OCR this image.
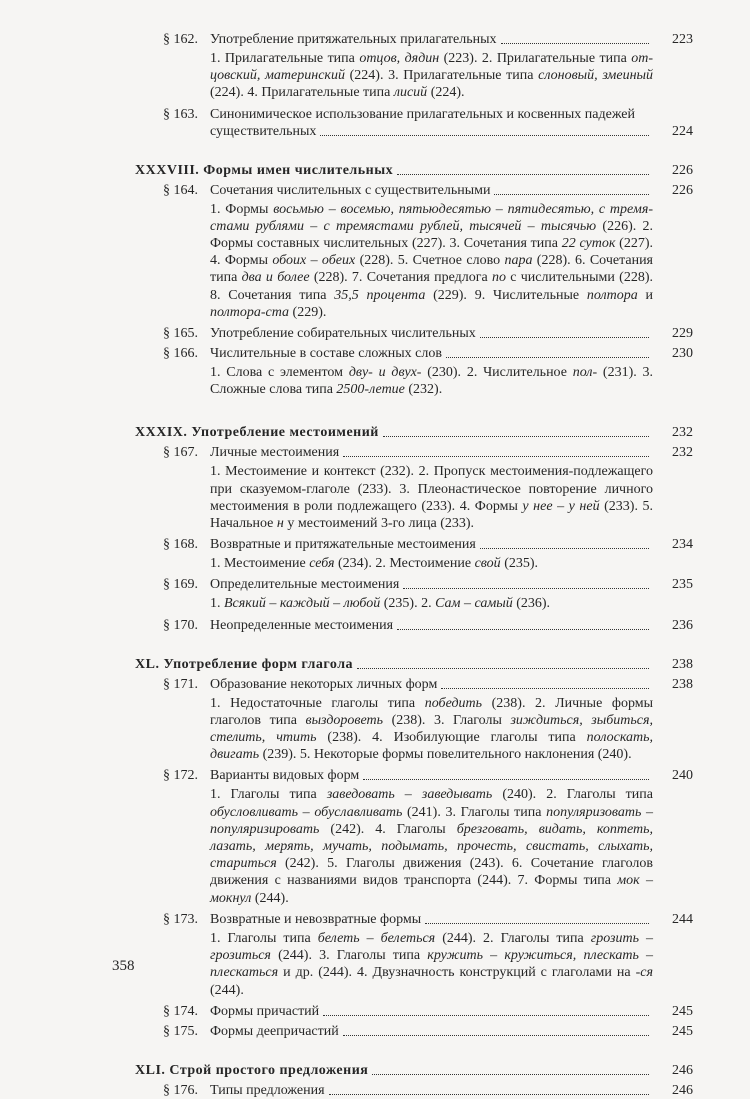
§ 162. Употребление притяжательных прилагательных	223
1. Прилагательные типа отцов, дядин (223). 2. Прилагательные типа от-цовский, материнский (224). 3. Прилагательные типа слоновый, змеиный (224). 4. Прилагательные типа лисий (224).
§ 163. Синонимическое использование прилагательных и косвенных падежей
существительных	224
XXXVIII. Формы имен числительных	226
§ 164. Сочетания числительных с существительными	226
1. Формы восьмью – восемью, пятьюдесятью – пятидесятью, с тремя-стами рублями – с тремястами рублей, тысячей – тысячью (226). 2. Формы составных числительных (227). 3. Сочетания типа 22 суток (227). 4. Формы обоих – обеих (228). 5. Счетное слово пара (228). 6. Сочетания типа два и более (228). 7. Сочетания предлога по с числительными (228). 8. Сочетания типа 35,5 процента (229). 9. Числительные полтора и полтора-ста (229).
§ 165. Употребление собирательных числительных	229
§ 166. Числительные в составе сложных слов	230
1. Слова с элементом дву- и двух- (230). 2. Числительное пол- (231). 3. Сложные слова типа 2500-летие (232).
XXXIX. Употребление местоимений	232
§ 167. Личные местоимения	232
1. Местоимение и контекст (232). 2. Пропуск местоимения-подлежащего при сказуемом-глаголе (233). 3. Плеонастическое повторение личного местоимения в роли подлежащего (233). 4. Формы у нее – у ней (233). 5. Начальное н у местоимений 3-го лица (233).
§ 168. Возвратные и притяжательные местоимения	234
1. Местоимение себя (234). 2. Местоимение свой (235).
§ 169. Определительные местоимения	235
1. Всякий – каждый – любой (235). 2. Сам – самый (236).
§ 170. Неопределенные местоимения	236
XL. Употребление форм глагола	238
§ 171. Образование некоторых личных форм	238
1. Недостаточные глаголы типа победить (238). 2. Личные формы глаголов типа выздороветь (238). 3. Глаголы зиждиться, зыбиться, стелить, чтить (238). 4. Изобилующие глаголы типа полоскать, двигать (239). 5. Некоторые формы повелительного наклонения (240).
§ 172. Варианты видовых форм	240
1. Глаголы типа заведовать – заведывать (240). 2. Глаголы типа обусловливать – обуславливать (241). 3. Глаголы типа популяризовать – популяризировать (242). 4. Глаголы брезговать, видать, коптеть, лазать, мерять, мучать, подымать, прочесть, свистать, слыхать, стариться (242). 5. Глаголы движения (243). 6. Сочетание глаголов движения с названиями видов транспорта (244). 7. Формы типа мок – мокнул (244).
§ 173. Возвратные и невозвратные формы	244
1. Глаголы типа белеть – белеться (244). 2. Глаголы типа грозить – грозиться (244). 3. Глаголы типа кружить – кружиться, плескать – плескаться и др. (244). 4. Двузначность конструкций с глаголами на -ся (244).
§ 174. Формы причастий	245
§ 175. Формы деепричастий	245
XLI. Строй простого предложения	246
§ 176. Типы предложения	246
358
